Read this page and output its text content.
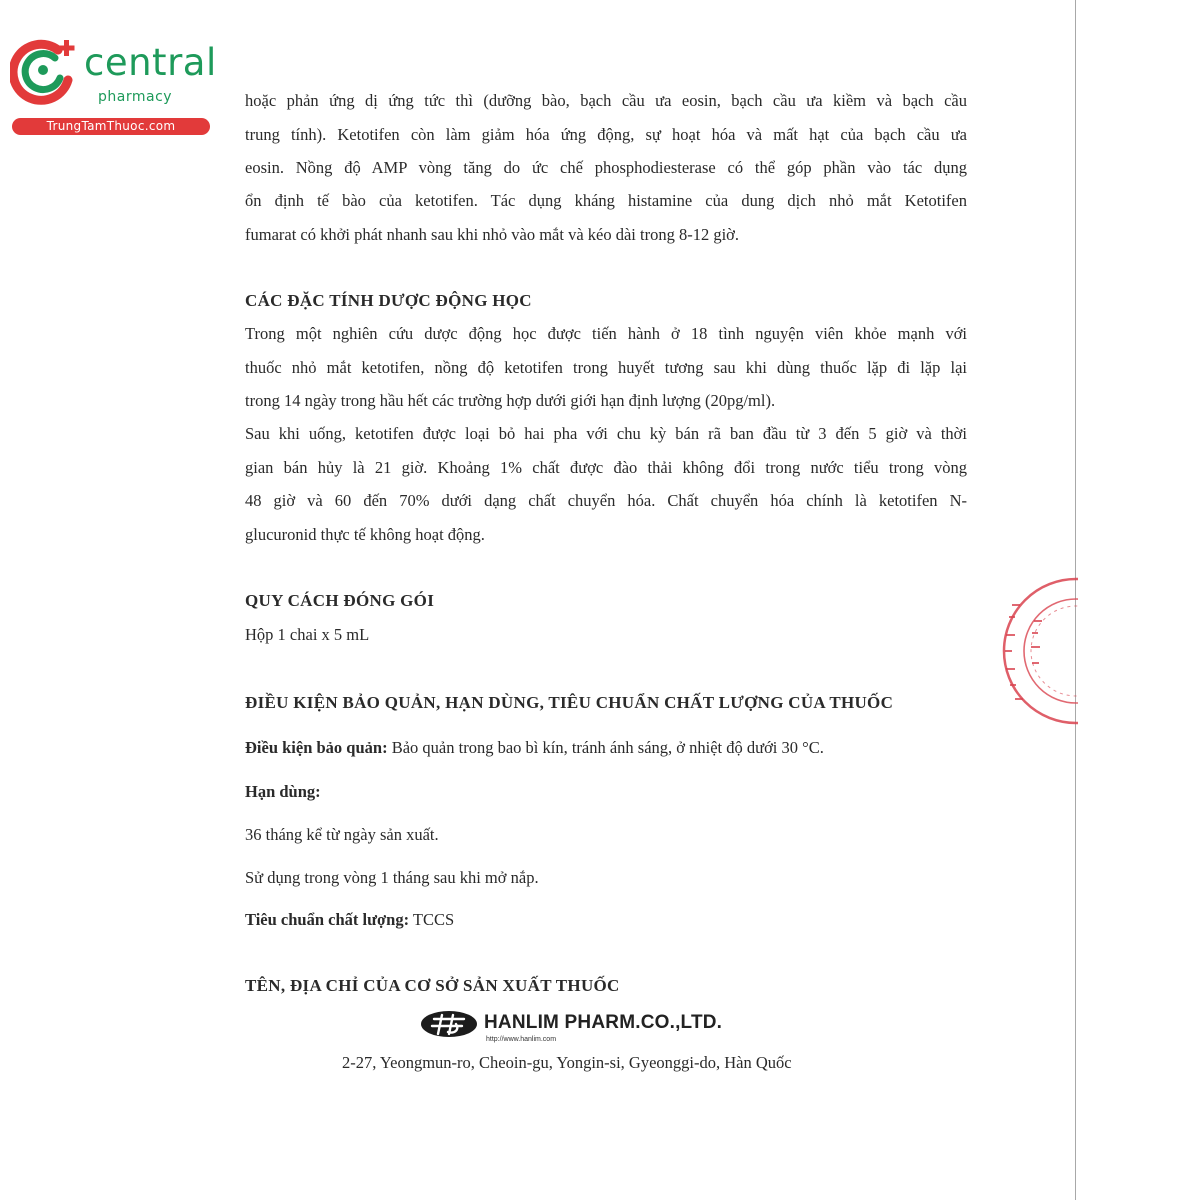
central
pharmacy
TrungTamThuoc.com

hoặc phản ứng dị ứng tức thì (dưỡng bào, bạch cầu ưa eosin, bạch cầu ưa kiềm và bạch cầu

trung tính). Ketotifen còn làm giảm hóa ứng động, sự hoạt hóa và mất hạt của bạch cầu ưa

eosin. Nồng độ AMP vòng tăng do ức chế phosphodiesterase có thể góp phần vào tác dụng

ổn định tế bào của ketotifen. Tác dụng kháng histamine của dung dịch nhỏ mắt Ketotifen

fumarat có khởi phát nhanh sau khi nhỏ vào mắt và kéo dài trong 8-12 giờ.

CÁC ĐẶC TÍNH DƯỢC ĐỘNG HỌC

Trong một nghiên cứu dược động học được tiến hành ở 18 tình nguyện viên khỏe mạnh với

thuốc nhỏ mắt ketotifen, nồng độ ketotifen trong huyết tương sau khi dùng thuốc lặp đi lặp lại

trong 14 ngày trong hầu hết các trường hợp dưới giới hạn định lượng (20pg/ml).

Sau khi uống, ketotifen được loại bỏ hai pha với chu kỳ bán rã ban đầu từ 3 đến 5 giờ và thời

gian bán hủy là 21 giờ. Khoảng 1% chất được đào thải không đổi trong nước tiểu trong vòng

48 giờ và 60 đến 70% dưới dạng chất chuyển hóa. Chất chuyển hóa chính là ketotifen N-

glucuronid thực tế không hoạt động.

QUY CÁCH ĐÓNG GÓI

Hộp 1 chai x 5 mL

ĐIỀU KIỆN BẢO QUẢN, HẠN DÙNG, TIÊU CHUẨN CHẤT LƯỢNG CỦA THUỐC

Điều kiện bảo quản: Bảo quản trong bao bì kín, tránh ánh sáng, ở nhiệt độ dưới 30 °C.

Hạn dùng:

36 tháng kể từ ngày sản xuất.

Sử dụng trong vòng 1 tháng sau khi mở nắp.

Tiêu chuẩn chất lượng: TCCS

TÊN, ĐỊA CHỈ CỦA CƠ SỞ SẢN XUẤT THUỐC

2-27, Yeongmun-ro, Cheoin-gu, Yongin-si, Gyeonggi-do, Hàn Quốc

HANLIM PHARM.CO.,LTD.
http://www.hanlim.com
